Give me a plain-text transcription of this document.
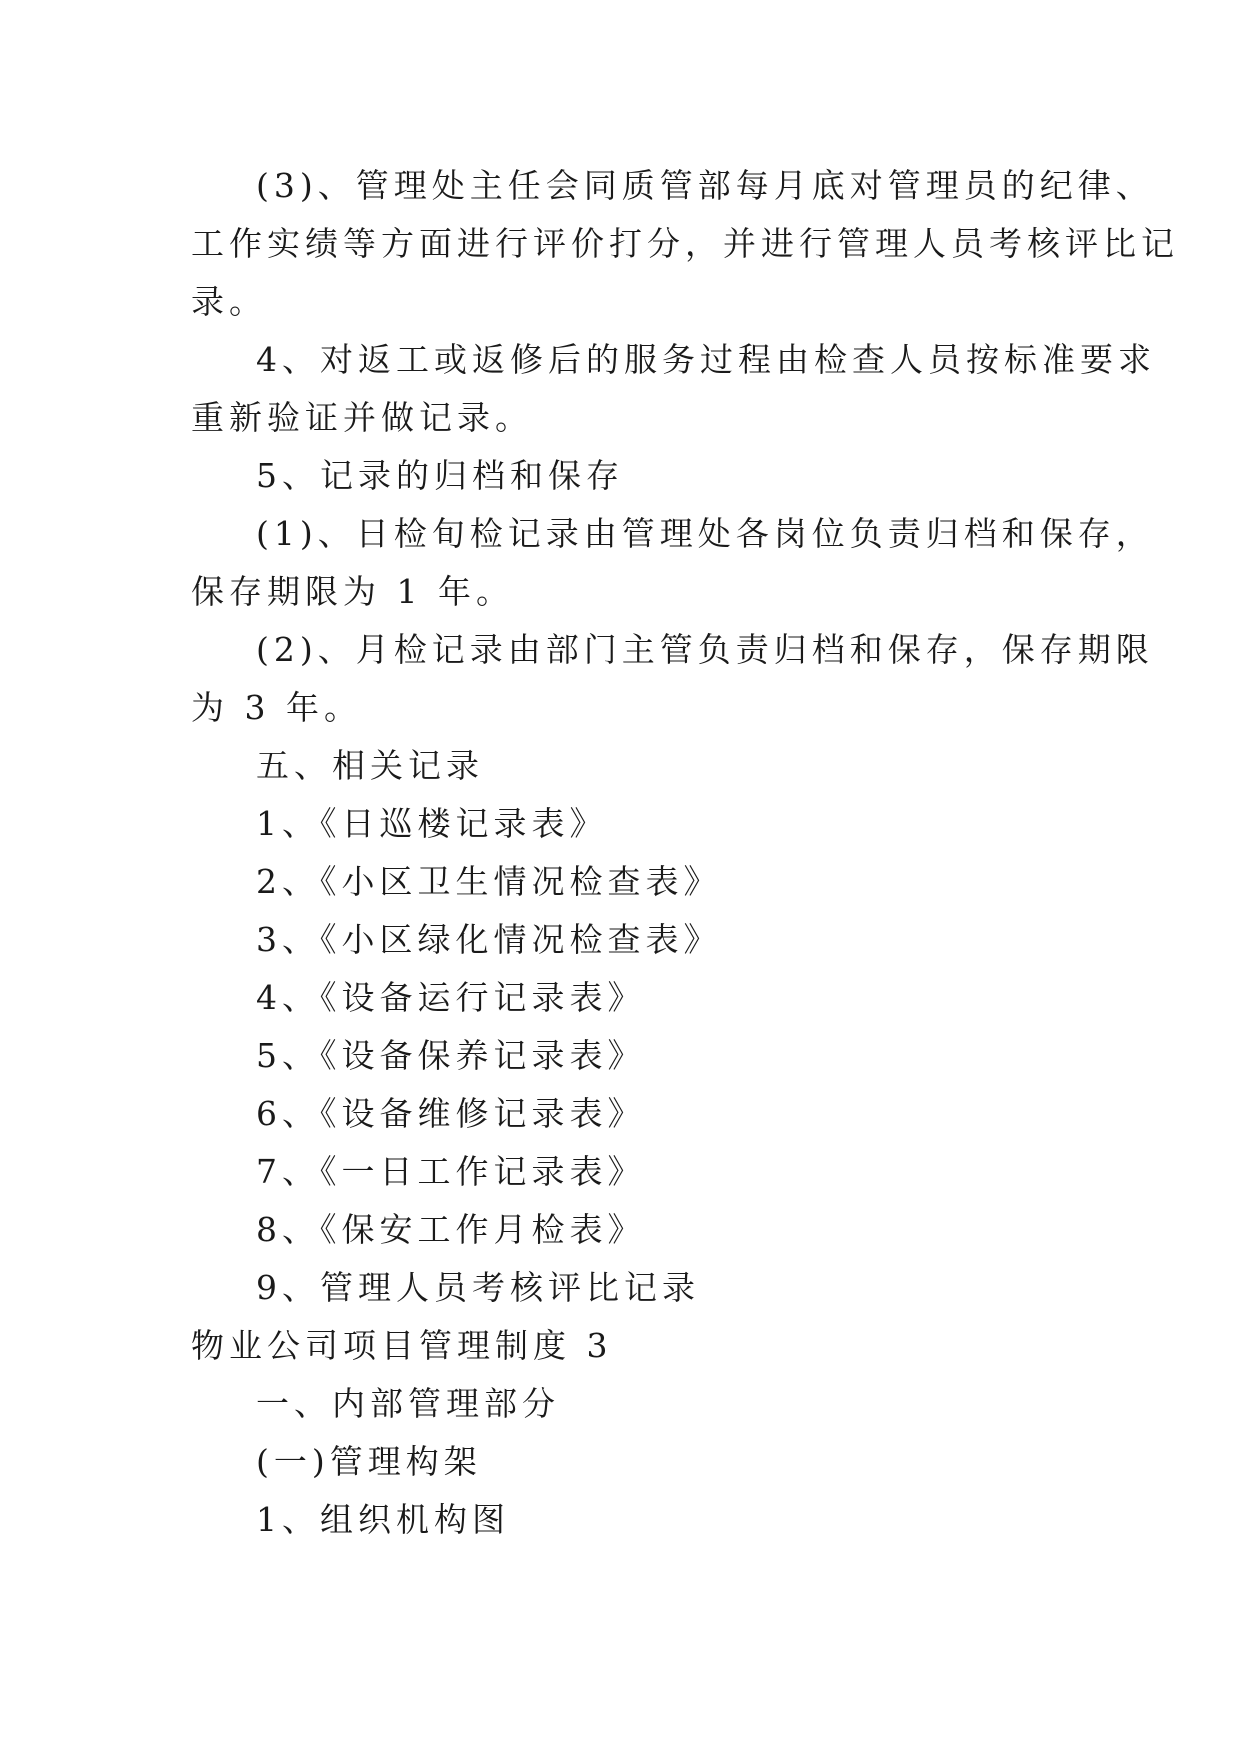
(3)、管理处主任会同质管部每月底对管理员的纪律、
工作实绩等方面进行评价打分，并进行管理人员考核评比记
录。
4、对返工或返修后的服务过程由检查人员按标准要求
重新验证并做记录。
5、记录的归档和保存
(1)、日检旬检记录由管理处各岗位负责归档和保存，
保存期限为 1 年。
(2)、月检记录由部门主管负责归档和保存，保存期限
为 3 年。
五、相关记录
1、《日巡楼记录表》
2、《小区卫生情况检查表》
3、《小区绿化情况检查表》
4、《设备运行记录表》
5、《设备保养记录表》
6、《设备维修记录表》
7、《一日工作记录表》
8、《保安工作月检表》
9、管理人员考核评比记录
物业公司项目管理制度 3
一、内部管理部分
(一)管理构架
1、组织机构图
